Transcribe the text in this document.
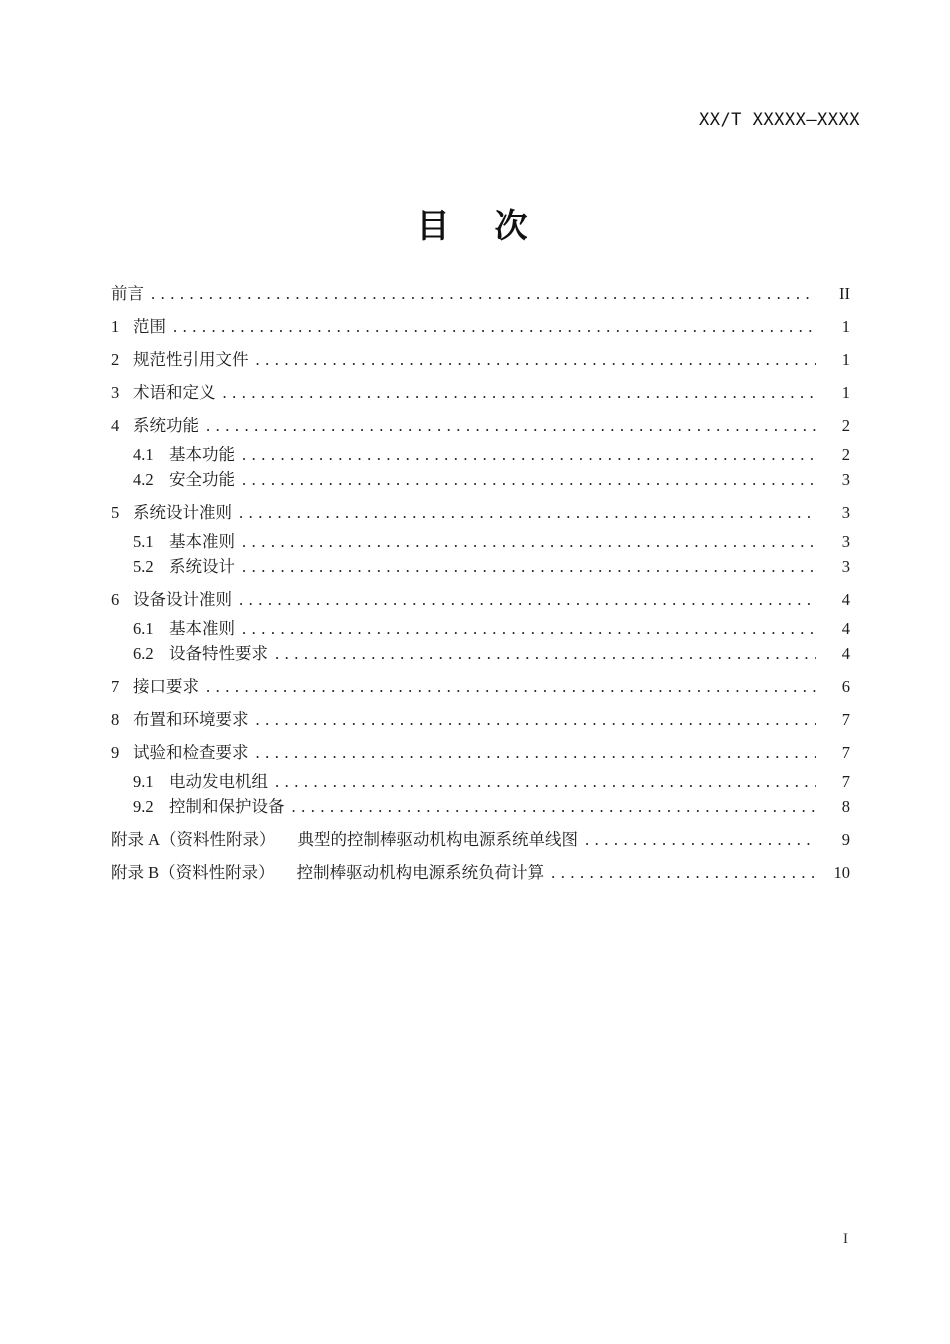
XX/T XXXXX—XXXX
目　次
前言 .....	II
1 范围 .....	1
2 规范性引用文件 .....	1
3 术语和定义 .....	1
4 系统功能 .....	2
4.1 基本功能 .....	2
4.2 安全功能 .....	3
5 系统设计准则 .....	3
5.1 基本准则 .....	3
5.2 系统设计 .....	3
6 设备设计准则 .....	4
6.1 基本准则 .....	4
6.2 设备特性要求 .....	4
7 接口要求 .....	6
8 布置和环境要求 .....	7
9 试验和检查要求 .....	7
9.1 电动发电机组 .....	7
9.2 控制和保护设备 .....	8
附录 A（资料性附录） 典型的控制棒驱动机构电源系统单线图 .....	9
附录 B（资料性附录） 控制棒驱动机构电源系统负荷计算 .....	10
I
